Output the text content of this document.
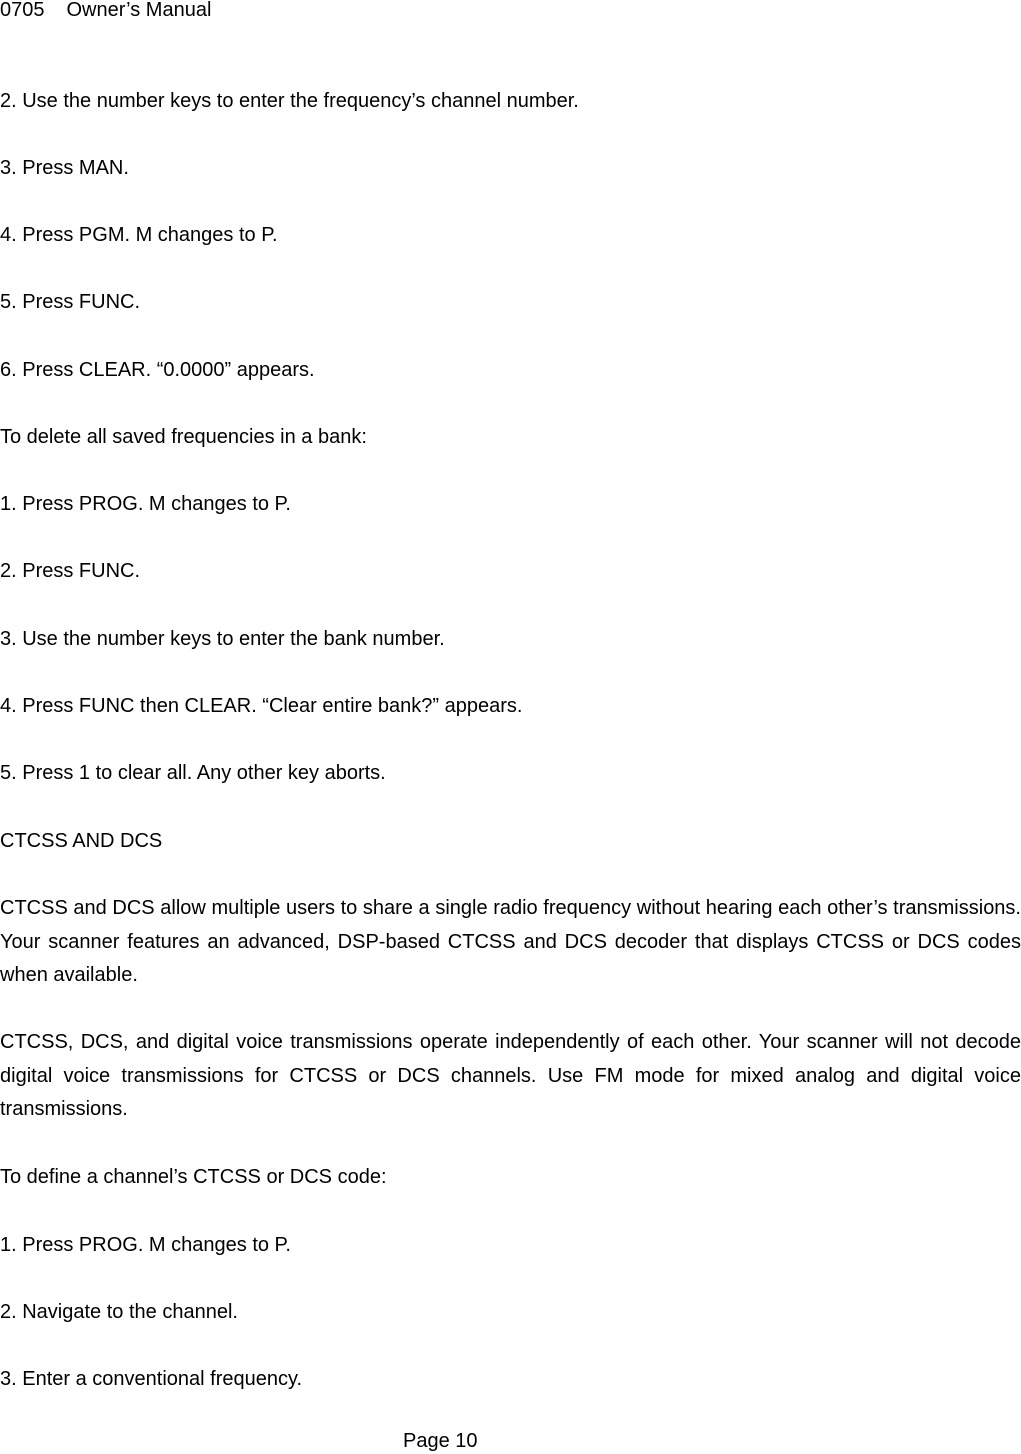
0705 Owner’s Manual
2. Use the number keys to enter the frequency’s channel number.
3. Press MAN.
4. Press PGM. M changes to P.
5. Press FUNC.
6. Press CLEAR. “0.0000” appears.
To delete all saved frequencies in a bank:
1. Press PROG. M changes to P.
2. Press FUNC.
3. Use the number keys to enter the bank number.
4. Press FUNC then CLEAR. “Clear entire bank?” appears.
5. Press 1 to clear all. Any other key aborts.
CTCSS AND DCS
CTCSS and DCS allow multiple users to share a single radio frequency without hearing each other’s transmissions. Your scanner features an advanced, DSP-based CTCSS and DCS decoder that displays CTCSS or DCS codes when available.
CTCSS, DCS, and digital voice transmissions operate independently of each other. Your scanner will not decode digital voice transmissions for CTCSS or DCS channels. Use FM mode for mixed analog and digital voice transmissions.
To define a channel’s CTCSS or DCS code:
1. Press PROG. M changes to P.
2. Navigate to the channel.
3. Enter a conventional frequency.
Page 10
